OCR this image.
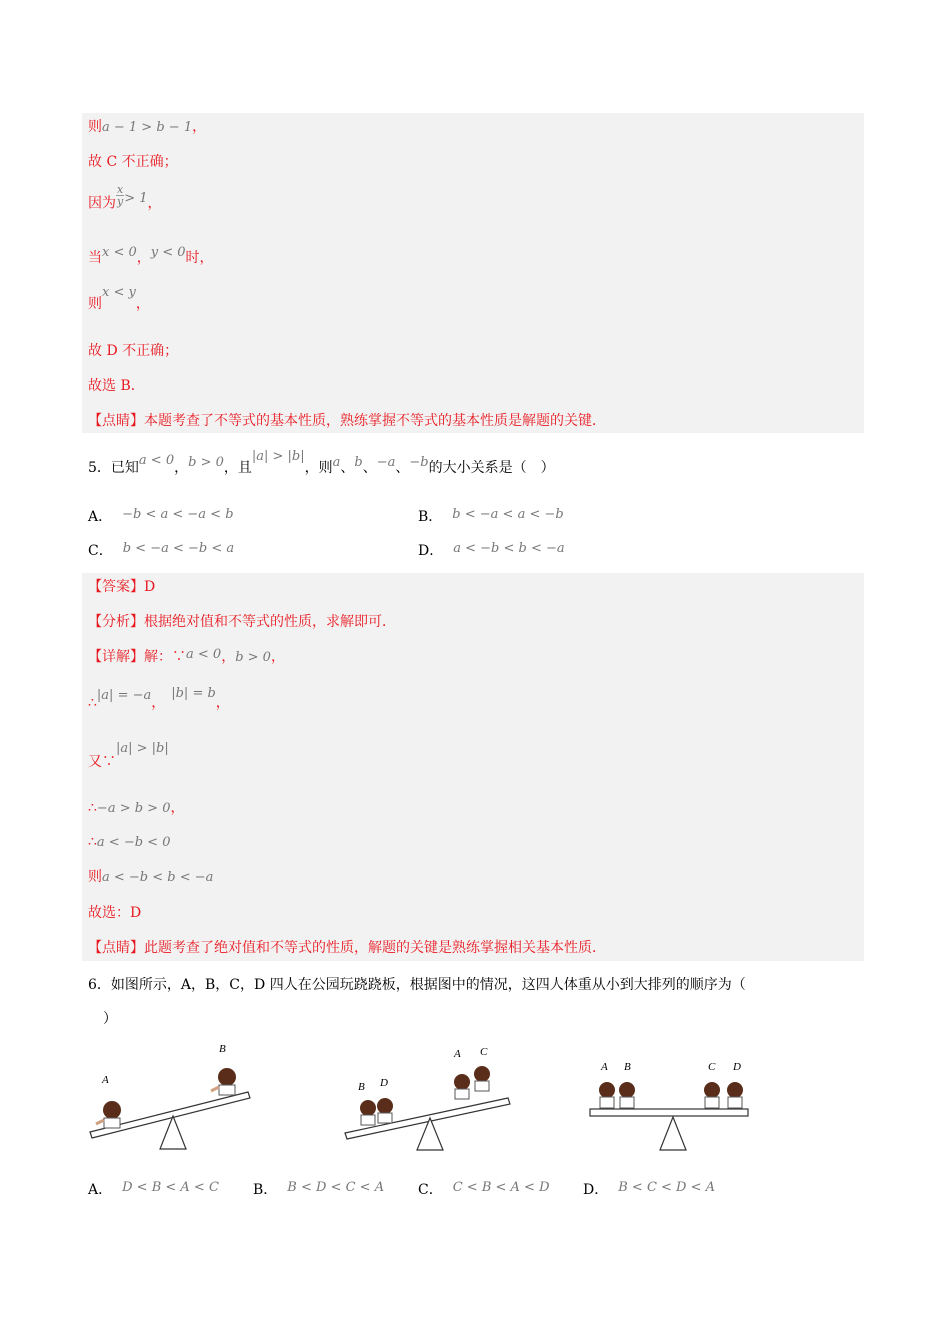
则a − 1 > b − 1，
故 C 不正确；
因为 $\frac{x}{y} > 1$，
当x < 0，y < 0时，
则x < y，
故 D 不正确；
故选 B．
【点睛】本题考查了不等式的基本性质，熟练掌握不等式的基本性质是解题的关键．
5．已知a < 0，b > 0，且|a| > |b|，则a、b、−a、−b的大小关系是（　）
A． −b < a < −a < b	B． b < −a < a < −b
C． b < −a < −b < a	D． a < −b < b < −a
【答案】D
【分析】根据绝对值和不等式的性质，求解即可．
【详解】解：∵a < 0，b > 0，
∴|a| = −a，|b| = b，
又∵|a| > |b|
∴−a > b > 0，
∴a < −b < 0
则a < −b < b < −a
故选：D
【点睛】此题考查了绝对值和不等式的性质，解题的关键是熟练掌握相关基本性质．
6．如图所示，A，B，C，D 四人在公园玩跷跷板，根据图中的情况，这四人体重从小到大排列的顺序为（
）
A
B
B D
A C
A B	C D
A． D < B < A < C B． B < D < C < A C． C < B < A < D D． B < C < D < A
